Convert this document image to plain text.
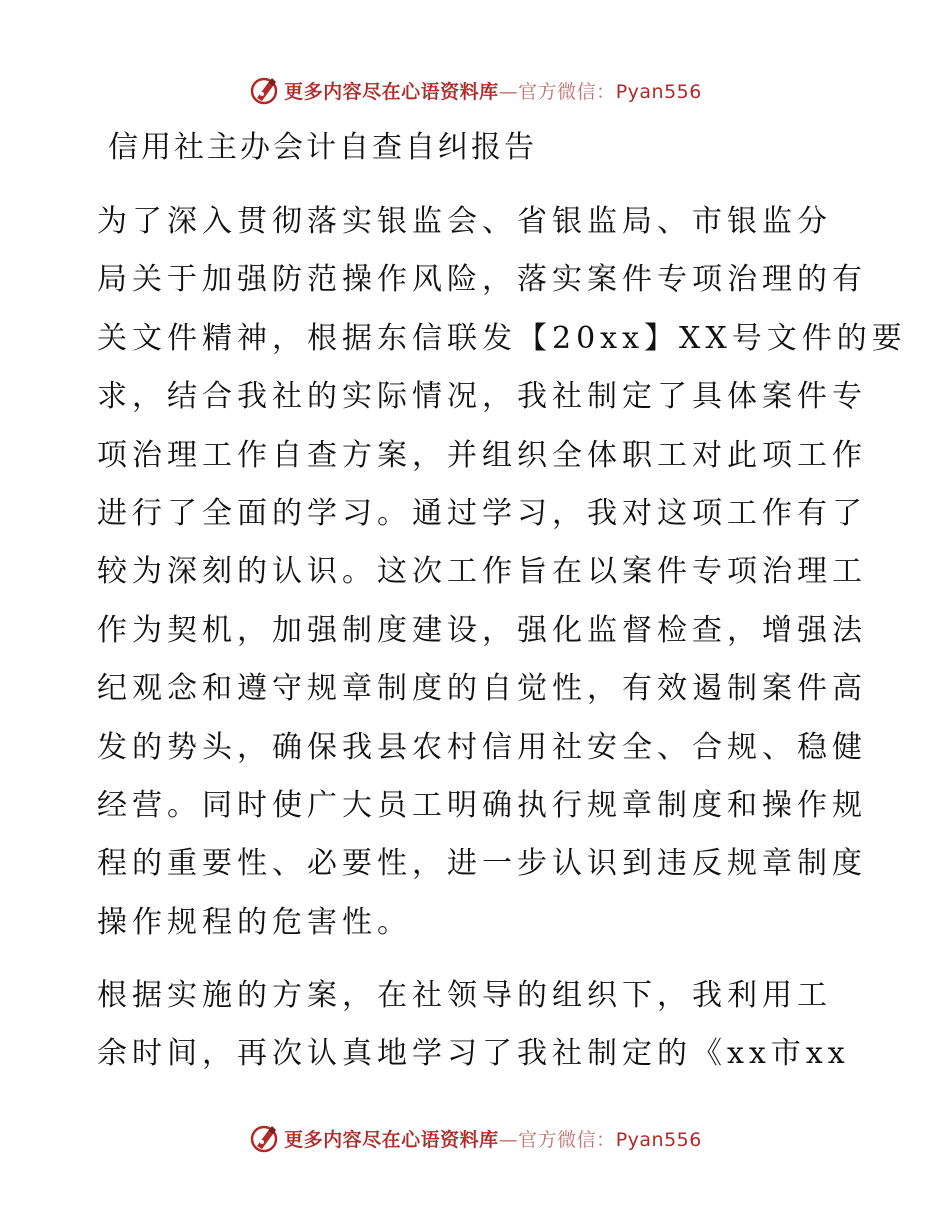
更多内容尽在心语资料库—官方微信：Pyan556
信用社主办会计自查自纠报告
为了深入贯彻落实银监会、省银监局、市银监分
局关于加强防范操作风险，落实案件专项治理的有
关文件精神，根据东信联发【20xx】XX号文件的要
求，结合我社的实际情况，我社制定了具体案件专
项治理工作自查方案，并组织全体职工对此项工作
进行了全面的学习。通过学习，我对这项工作有了
较为深刻的认识。这次工作旨在以案件专项治理工
作为契机，加强制度建设，强化监督检查，增强法
纪观念和遵守规章制度的自觉性，有效遏制案件高
发的势头，确保我县农村信用社安全、合规、稳健
经营。同时使广大员工明确执行规章制度和操作规
程的重要性、必要性，进一步认识到违反规章制度
操作规程的危害性。
根据实施的方案，在社领导的组织下，我利用工
余时间，再次认真地学习了我社制定的《xx市xx
更多内容尽在心语资料库—官方微信：Pyan556
